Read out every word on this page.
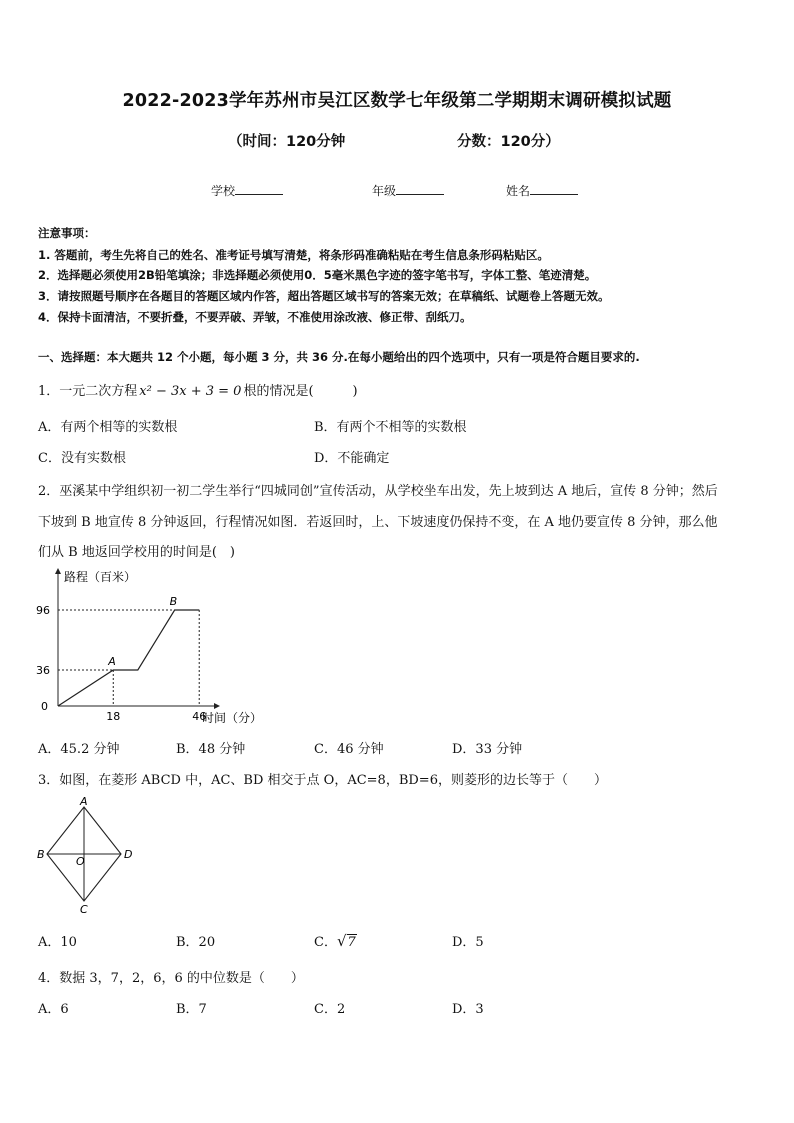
2022-2023学年苏州市吴江区数学七年级第二学期期末调研模拟试题
（时间：120分钟	分数：120分）
学校	年级	姓名
注意事项：
1. 答题前，考生先将自己的姓名、准考证号填写清楚，将条形码准确粘贴在考生信息条形码粘贴区。
2．选择题必须使用2B铅笔填涂；非选择题必须使用0．5毫米黑色字迹的签字笔书写，字体工整、笔迹清楚。
3．请按照题号顺序在各题目的答题区域内作答，超出答题区域书写的答案无效；在草稿纸、试题卷上答题无效。
4．保持卡面清洁，不要折叠，不要弄破、弄皱，不准使用涂改液、修正带、刮纸刀。
一、选择题：本大题共 12 个小题，每小题 3 分，共 36 分.在每小题给出的四个选项中，只有一项是符合题目要求的.
1．一元二次方程 x² − 3x + 3 = 0 根的情况是(　　　)
A．有两个相等的实数根	B．有两个不相等的实数根
C．没有实数根	D．不能确定
2．巫溪某中学组织初一初二学生举行“四城同创”宣传活动，从学校坐车出发，先上坡到达 A 地后，宣传 8 分钟；然后
下坡到 B 地宣传 8 分钟返回，行程情况如图．若返回时，上、下坡速度仍保持不变，在 A 地仍要宣传 8 分钟，那么他
们从 B 地返回学校用的时间是(　)
路程（百米）
时间（分）
A
B
0
18	46
36
96
A．45.2 分钟	B．48 分钟	C．46 分钟	D．33 分钟
3．如图，在菱形 ABCD 中，AC、BD 相交于点 O，AC=8，BD=6，则菱形的边长等于（　　）
A
B
C
D
O
A．10	B．20	C．√7	D．5
4．数据 3，7，2，6，6 的中位数是（　　）
A．6	B．7	C．2	D．3
